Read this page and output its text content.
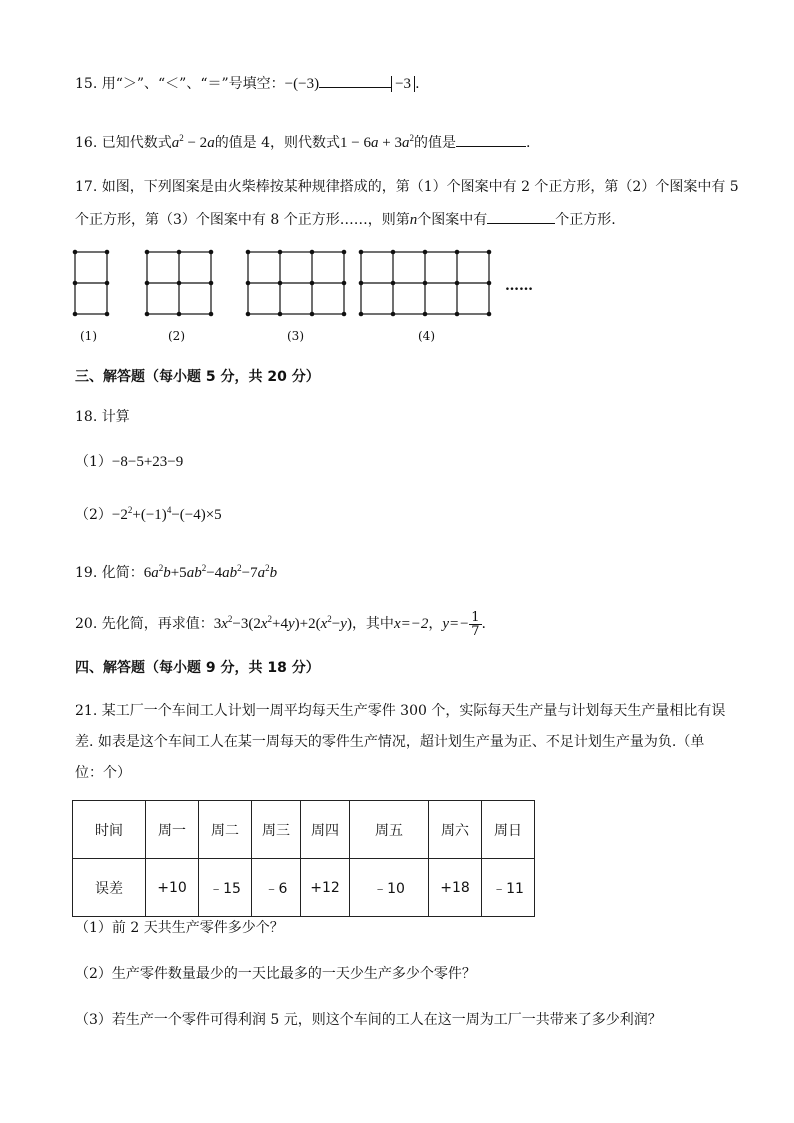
15. 用“＞”、“＜”、“＝”号填空：−(−3)	−3 .
16. 已知代数式$a^2 - 2a$的值是 4，则代数式$1 - 6a + 3a^2$的值是	.
17. 如图，下列图案是由火柴棒按某种规律搭成的，第（1）个图案中有 2 个正方形，第（2）个图案中有 5
个正方形，第（3）个图案中有 8 个正方形……，则第n个图案中有	个正方形.
(1)	(2)	(3)	(4)
……
三、解答题（每小题 5 分，共 20 分）
18. 计算
（1）−8−5+23−9
$(2)-2^2+(-1)^4-(-4)\times 5$
19. 化简：$6a^2b+5ab^2-4ab^2-7a^2b$
20. 先化简，再求值：$3x^2-3(2x^2+4y)+2(x^2-y)$，其中x=−2，$y=- \frac{1}{7}$ .
四、解答题（每小题 9 分，共 18 分）
21. 某工厂一个车间工人计划一周平均每天生产零件 300 个，实际每天生产量与计划每天生产量相比有误
差. 如表是这个车间工人在某一周每天的零件生产情况，超计划生产量为正、不足计划生产量为负.（单
位：个）
时间	周一	周二	周三	周四	周五	周六	周日
误差	+10	﹣15	﹣6	+12	﹣10	+18	﹣11
（1）前 2 天共生产零件多少个？
（2）生产零件数量最少的一天比最多的一天少生产多少个零件？
（3）若生产一个零件可得利润 5 元，则这个车间的工人在这一周为工厂一共带来了多少利润？
